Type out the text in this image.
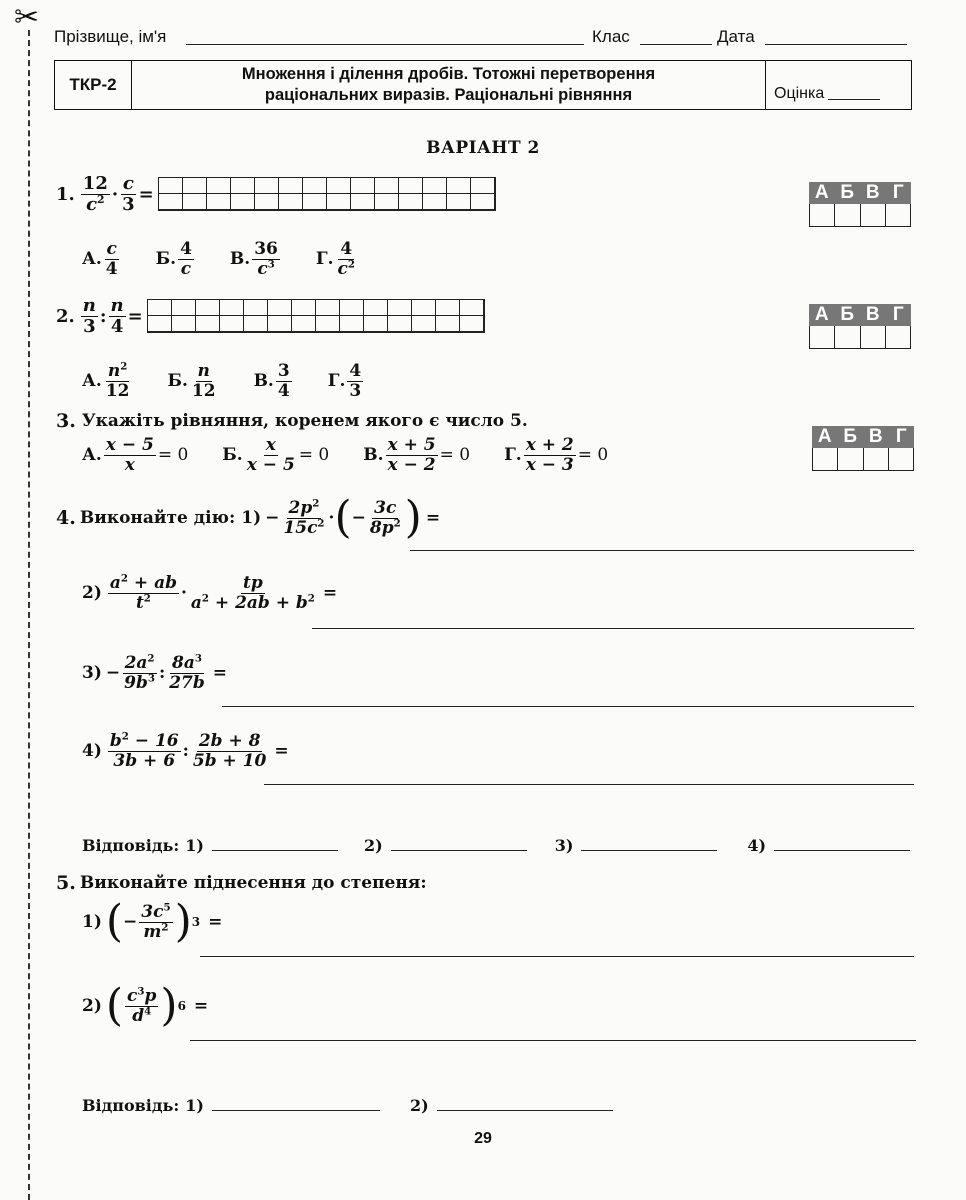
✂
Прізвище, ім'я	Клас	Дата
ТКР-2
Множення і ділення дробів. Тотожні перетворення
раціональних виразів. Раціональні рівняння	Оцінка
ВАРІАНТ 2
1. $\frac{12}{c^2} \cdot \frac{c}{3}$ =	А Б В Г
А. $\frac{c}{4} Б$. $\frac{4}{c} В$. $\frac{36}{c^3} Г$. $\frac{4}{c^2}$
2. $\frac{n}{3}$ : $\frac{n}{4}$ =	А Б В Г
А. $\frac{n^2}{12} Б$. $\frac{n}{12} В$. $\frac{3}{4} Г$. $\frac{4}{3}$
3. Укажіть рівняння, коренем якого є число 5.
А Б В Г
А. $\frac{x - 5}{x} = 0$ Б. $\frac{x}{x - 5} = 0$ В. $\frac{x + 5}{x - 2} = 0$ Г. $\frac{x + 2}{x - 3} = 0$
4. Виконайте дію: $1) - \frac{2p^2}{15c^2}$ · ( − $\frac{3c}{8p^2}$ ) =
$2) \frac{a^2 + ab}{t^2} \cdot \frac{tp}{a^2 + 2ab + b^2}$ =
$3) - \frac{2a^2}{9b^3}$ : $\frac{8a^3}{27b}$ =
$4) \frac{b^2 - 16}{3b + 6}$ : $\frac{2b + 8}{5b + 10}$ =
Відповідь: 1)	2)	3)	4)
5. Виконайте піднесення до степеня:
1) ( − $\frac{3c^5}{m^2}$ ) 3 =
2) ( $\frac{c^3p}{d^4}$ ) 6 =
Відповідь: 1)	2)
29
